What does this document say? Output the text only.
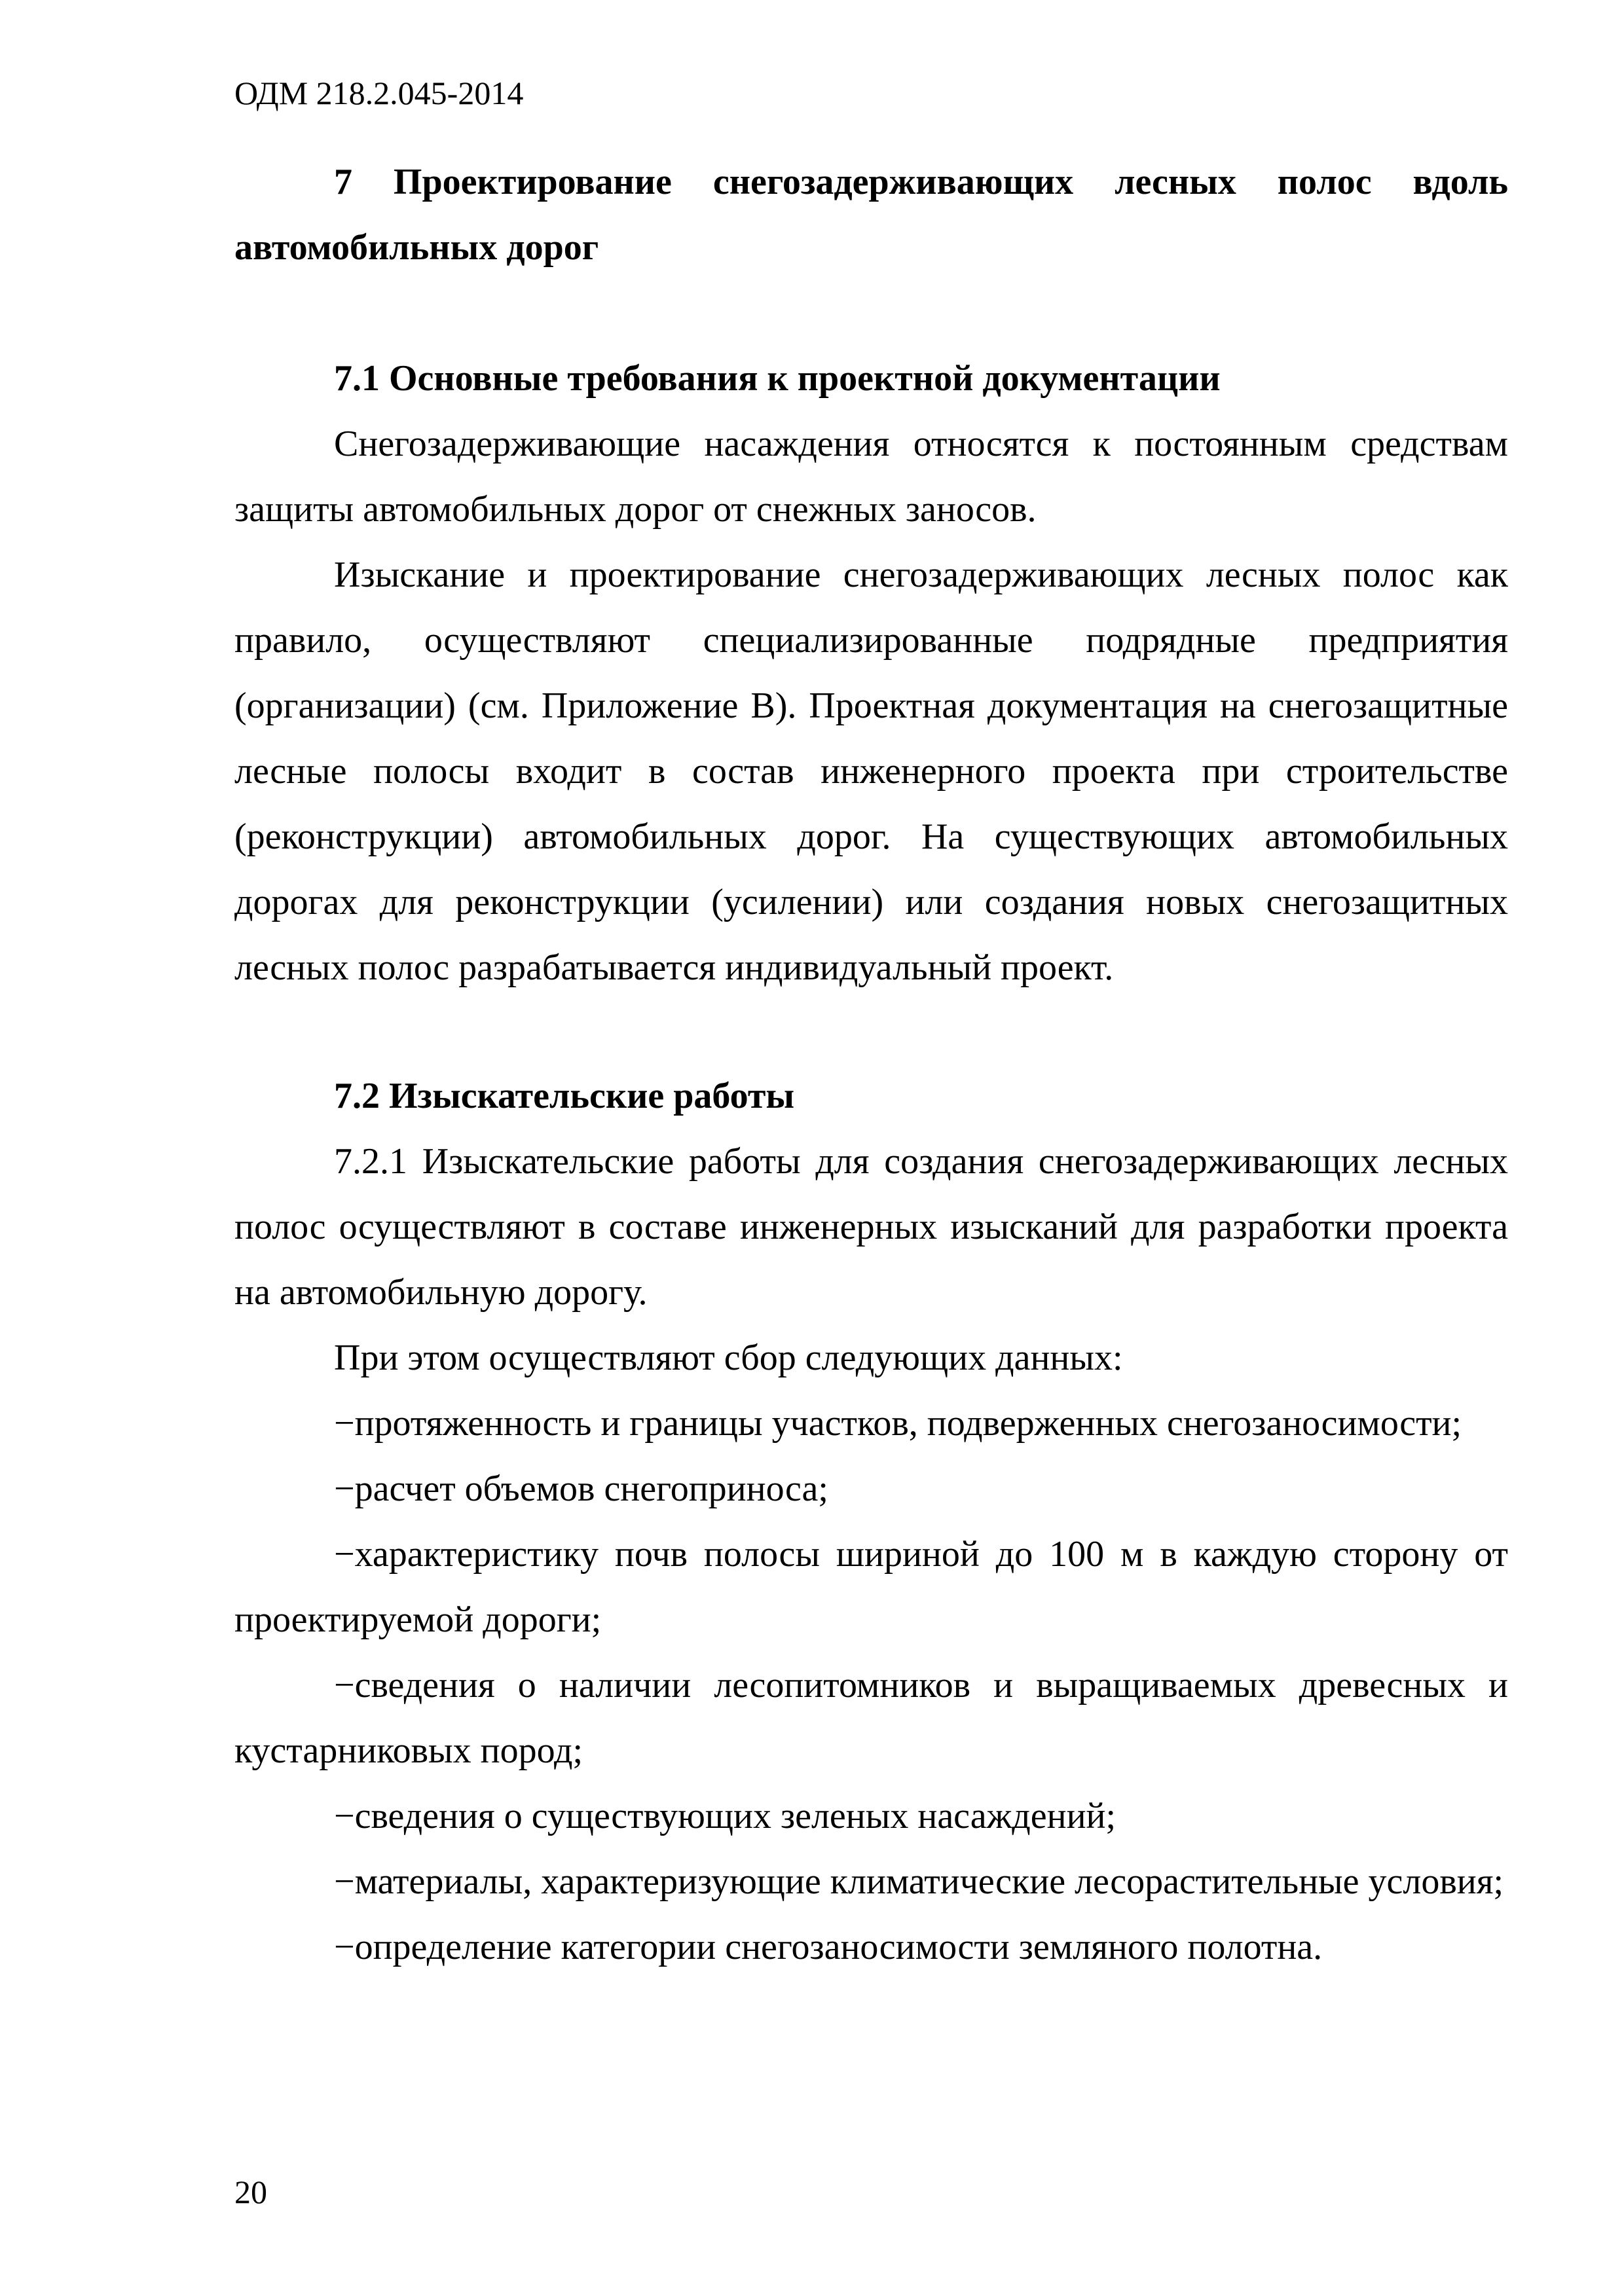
ОДМ 218.2.045-2014

7 Проектирование снегозадерживающих лесных полос вдоль автомобильных дорог

7.1 Основные требования к проектной документации

Снегозадерживающие насаждения относятся к постоянным средствам защиты автомобильных дорог от снежных заносов.

Изыскание и проектирование снегозадерживающих лесных полос как правило, осуществляют специализированные подрядные предприятия (организации) (см. Приложение В). Проектная документация на снегозащитные лесные полосы входит в состав инженерного проекта при строительстве (реконструкции) автомобильных дорог. На существующих автомобильных дорогах для реконструкции (усилении) или создания новых снегозащитных лесных полос разрабатывается индивидуальный проект.

7.2 Изыскательские работы

7.2.1 Изыскательские работы для создания снегозадерживающих лесных полос осуществляют в составе инженерных изысканий для разработки проекта на автомобильную дорогу.

При этом осуществляют сбор следующих данных:

−протяженность и границы участков, подверженных снегозаносимости;

−расчет объемов снегоприноса;

−характеристику почв полосы шириной до 100 м в каждую сторону от проектируемой дороги;

−сведения о наличии лесопитомников и выращиваемых древесных и кустарниковых пород;

−сведения о существующих зеленых насаждений;

−материалы, характеризующие климатические лесорастительные условия;

−определение категории снегозаносимости земляного полотна.

20
